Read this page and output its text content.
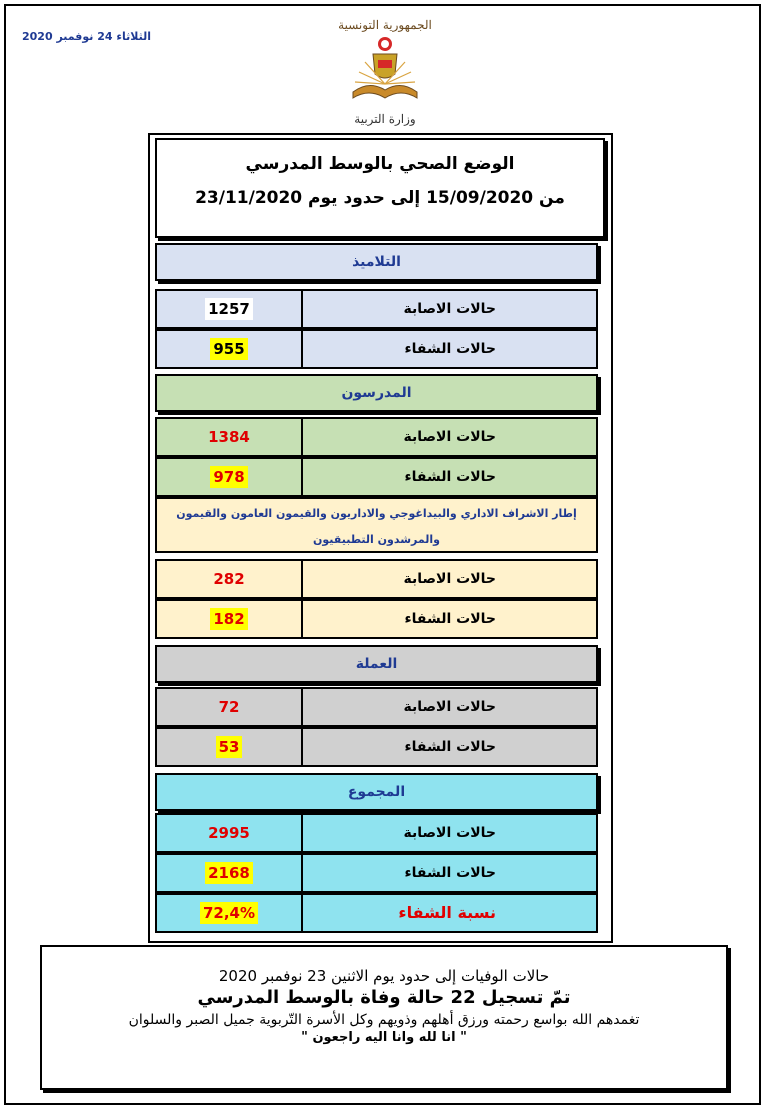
الثلاثاء 24 نوفمبر 2020
الجمهورية التونسية
وزارة التربية
الوضع الصحي بالوسط المدرسي
من 15/09/2020 إلى حدود يوم 23/11/2020
التلاميذ
حالات الاصابة
1257
حالات الشفاء
955
المدرسون
حالات الاصابة
1384
حالات الشفاء
978
إطار الاشراف الاداري والبيداغوجي والاداريون والقيمون العامون والقيمون والمرشدون التطبيقيون
حالات الاصابة
282
حالات الشفاء
182
العملة
حالات الاصابة
72
حالات الشفاء
53
المجموع
حالات الاصابة
2995
حالات الشفاء
2168
نسبة الشفاء
72,4%
حالات الوفيات إلى حدود يوم الاثنين 23 نوفمبر 2020
تمّ تسجيل 22 حالة وفاة بالوسط المدرسي
تغمدهم الله بواسع رحمته ورزق أهلهم وذويهم وكل الأسرة التّربوية جميل الصبر والسلوان
" انا لله وانا اليه راجعون "
